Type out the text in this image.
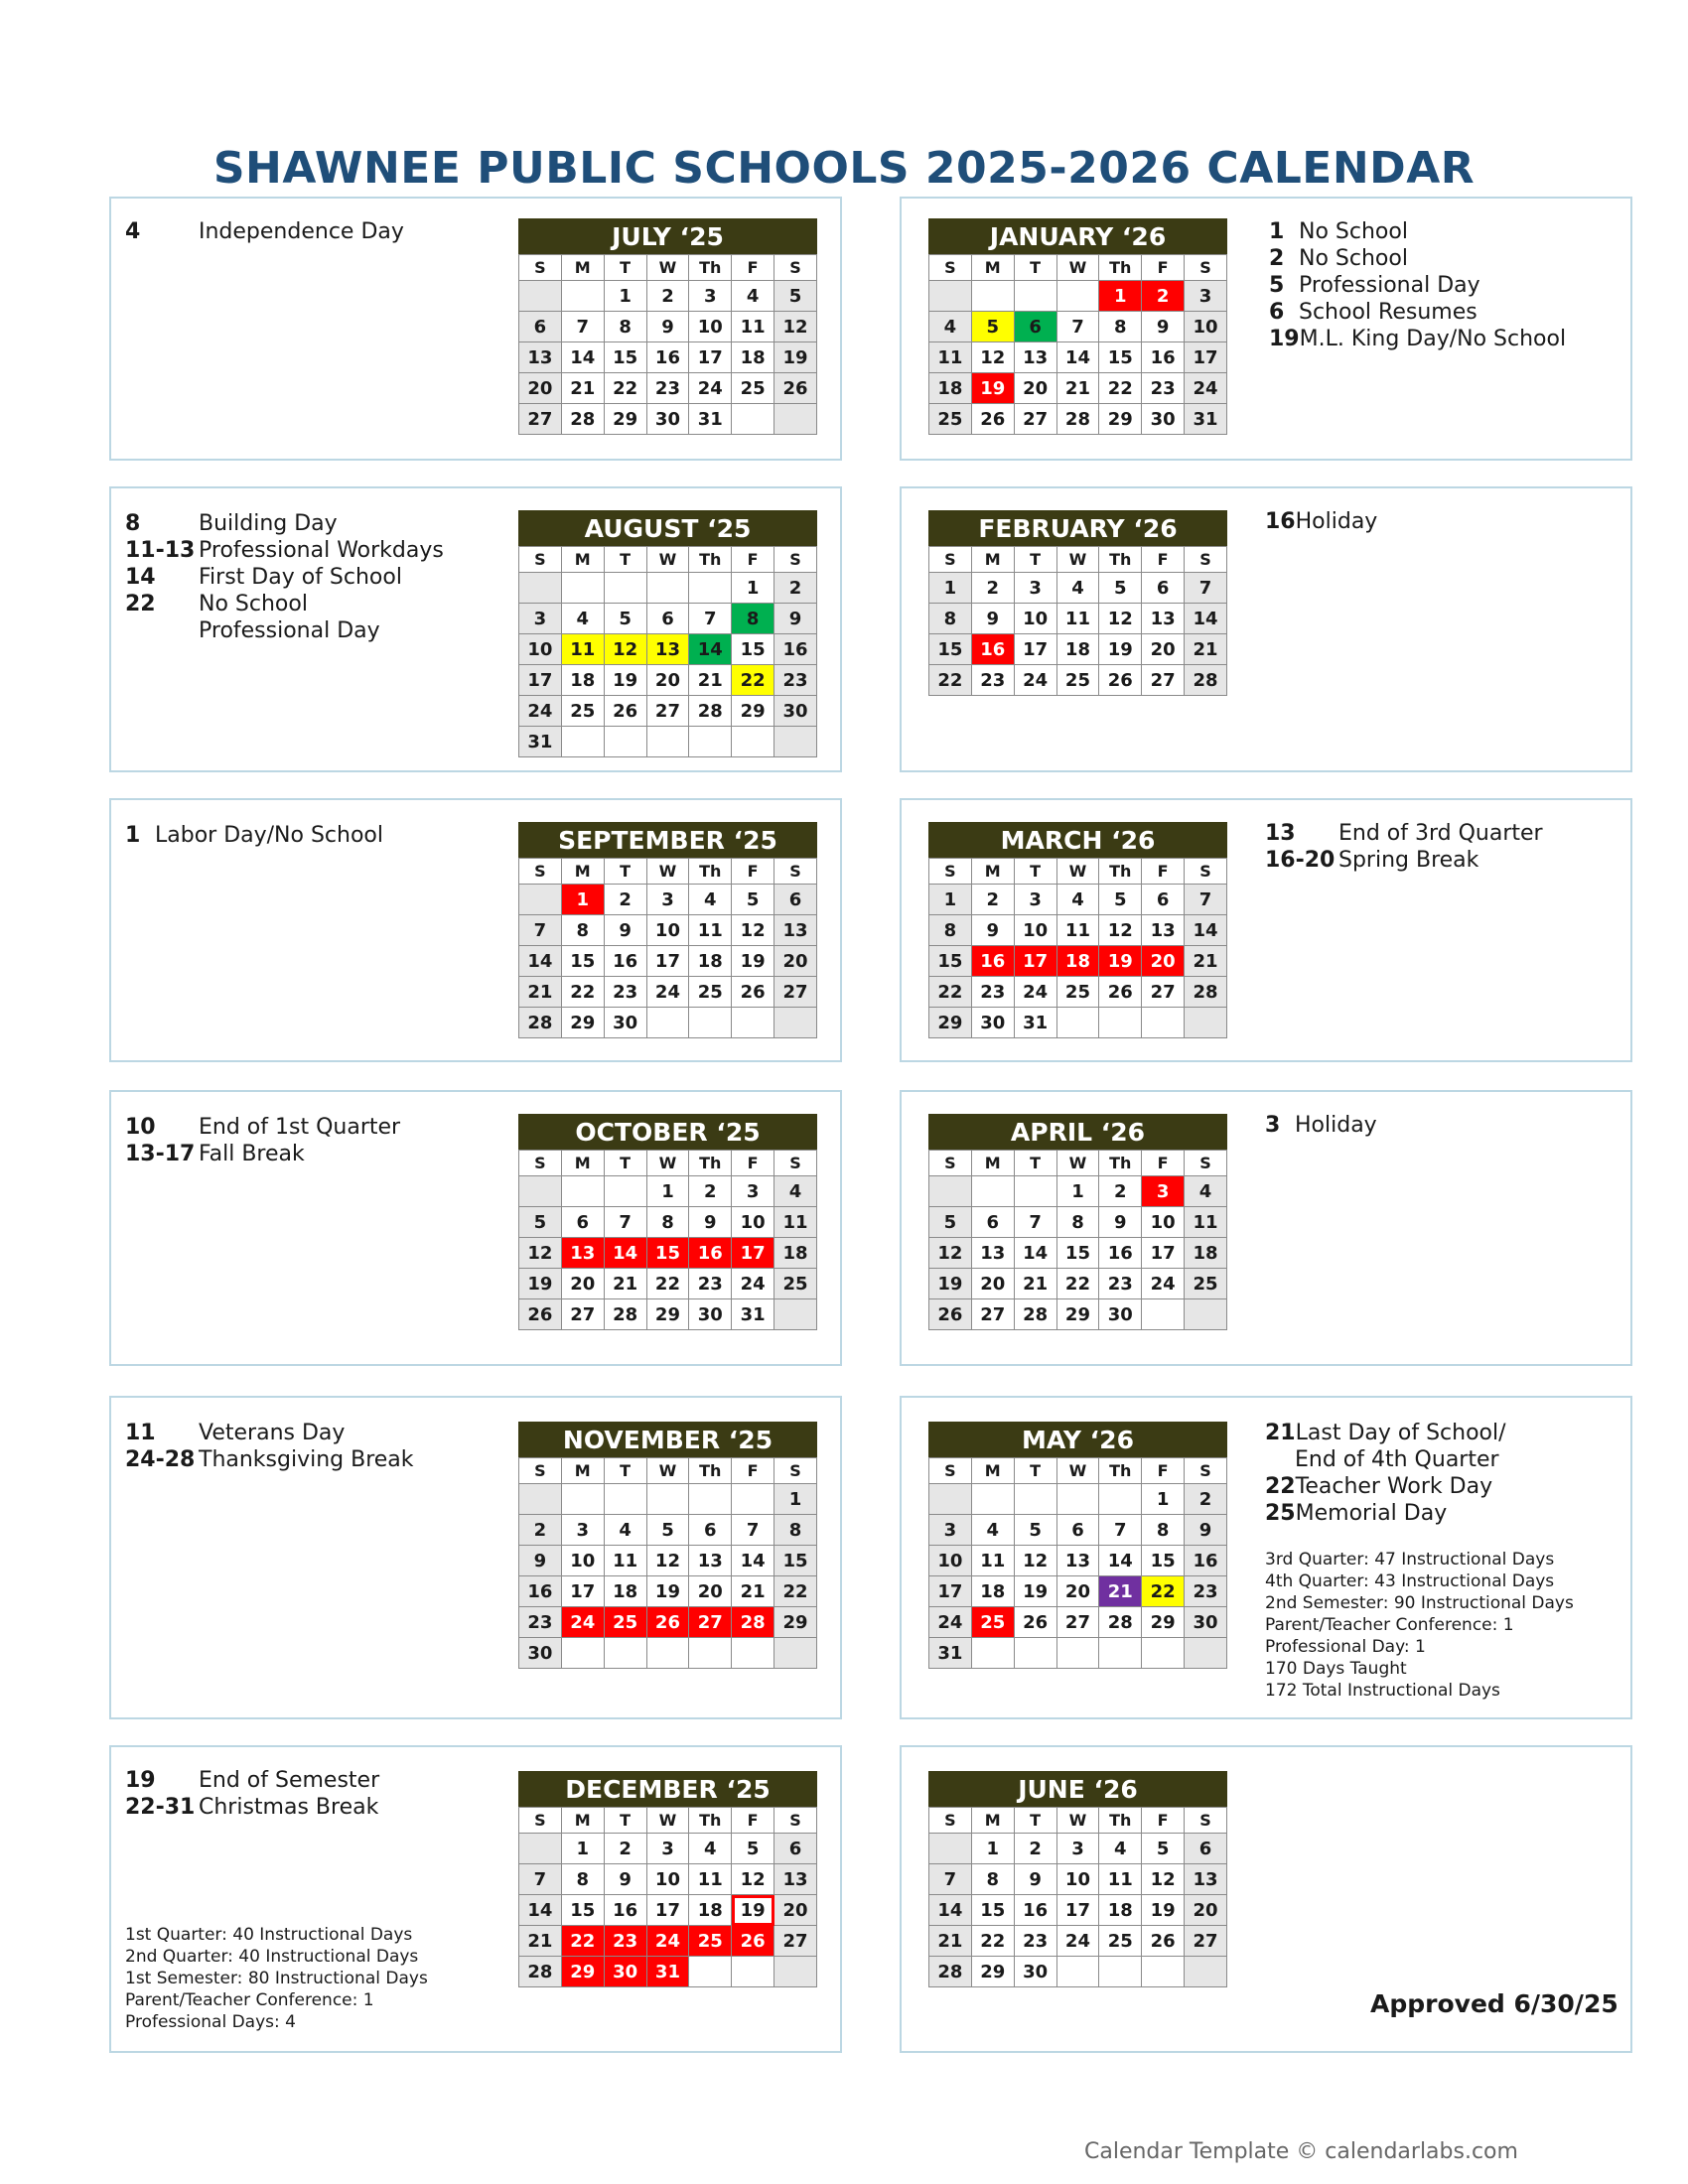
SHAWNEE PUBLIC SCHOOLS 2025-2026 CALENDAR
JULY ‘25
S	M	T	W	Th	F	S
		1	2	3	4	5
6	7	8	9	10	11	12
13	14	15	16	17	18	19
20	21	22	23	24	25	26
27	28	29	30	31		
JANUARY ‘26
S	M	T	W	Th	F	S
				1	2	3
4	5	6	7	8	9	10
11	12	13	14	15	16	17
18	19	20	21	22	23	24
25	26	27	28	29	30	31
AUGUST ‘25
S	M	T	W	Th	F	S
					1	2
3	4	5	6	7	8	9
10	11	12	13	14	15	16
17	18	19	20	21	22	23
24	25	26	27	28	29	30
31						
FEBRUARY ‘26
S	M	T	W	Th	F	S
1	2	3	4	5	6	7
8	9	10	11	12	13	14
15	16	17	18	19	20	21
22	23	24	25	26	27	28
SEPTEMBER ‘25
S	M	T	W	Th	F	S
	1	2	3	4	5	6
7	8	9	10	11	12	13
14	15	16	17	18	19	20
21	22	23	24	25	26	27
28	29	30				
MARCH ‘26
S	M	T	W	Th	F	S
1	2	3	4	5	6	7
8	9	10	11	12	13	14
15	16	17	18	19	20	21
22	23	24	25	26	27	28
29	30	31				
OCTOBER ‘25
S	M	T	W	Th	F	S
			1	2	3	4
5	6	7	8	9	10	11
12	13	14	15	16	17	18
19	20	21	22	23	24	25
26	27	28	29	30	31	
APRIL ‘26
S	M	T	W	Th	F	S
			1	2	3	4
5	6	7	8	9	10	11
12	13	14	15	16	17	18
19	20	21	22	23	24	25
26	27	28	29	30		
NOVEMBER ‘25
S	M	T	W	Th	F	S
						1
2	3	4	5	6	7	8
9	10	11	12	13	14	15
16	17	18	19	20	21	22
23	24	25	26	27	28	29
30						
MAY ‘26
S	M	T	W	Th	F	S
					1	2
3	4	5	6	7	8	9
10	11	12	13	14	15	16
17	18	19	20	21	22	23
24	25	26	27	28	29	30
31						
DECEMBER ‘25
S	M	T	W	Th	F	S
	1	2	3	4	5	6
7	8	9	10	11	12	13
14	15	16	17	18	19	20
21	22	23	24	25	26	27
28	29	30	31			
JUNE ‘26
S	M	T	W	Th	F	S
	1	2	3	4	5	6
7	8	9	10	11	12	13
14	15	16	17	18	19	20
21	22	23	24	25	26	27
28	29	30				
4	Independence Day	1 No School
2 No School
5 Professional Day
6 School Resumes
19 M.L. King Day/No School
8	Building Day
11-13 Professional Workdays
14	First Day of School
22	No School
Professional Day
16 Holiday
1 Labor Day/No School	13	End of 3rd Quarter
16-20 Spring Break
10	End of 1st Quarter
13-17 Fall Break
3 Holiday
11	Veterans Day
24-28 Thanksgiving Break
21 Last Day of School/
End of 4th Quarter
22 Teacher Work Day
25 Memorial Day
19	End of Semester
22-31 Christmas Break
3rd Quarter: 47 Instructional Days
4th Quarter: 43 Instructional Days
2nd Semester: 90 Instructional Days
Parent/Teacher Conference: 1
Professional Day: 1
170 Days Taught
172 Total Instructional Days
1st Quarter: 40 Instructional Days
2nd Quarter: 40 Instructional Days
1st Semester: 80 Instructional Days
Parent/Teacher Conference: 1
Professional Days: 4
Approved 6/30/25
Calendar Template © calendarlabs.com
